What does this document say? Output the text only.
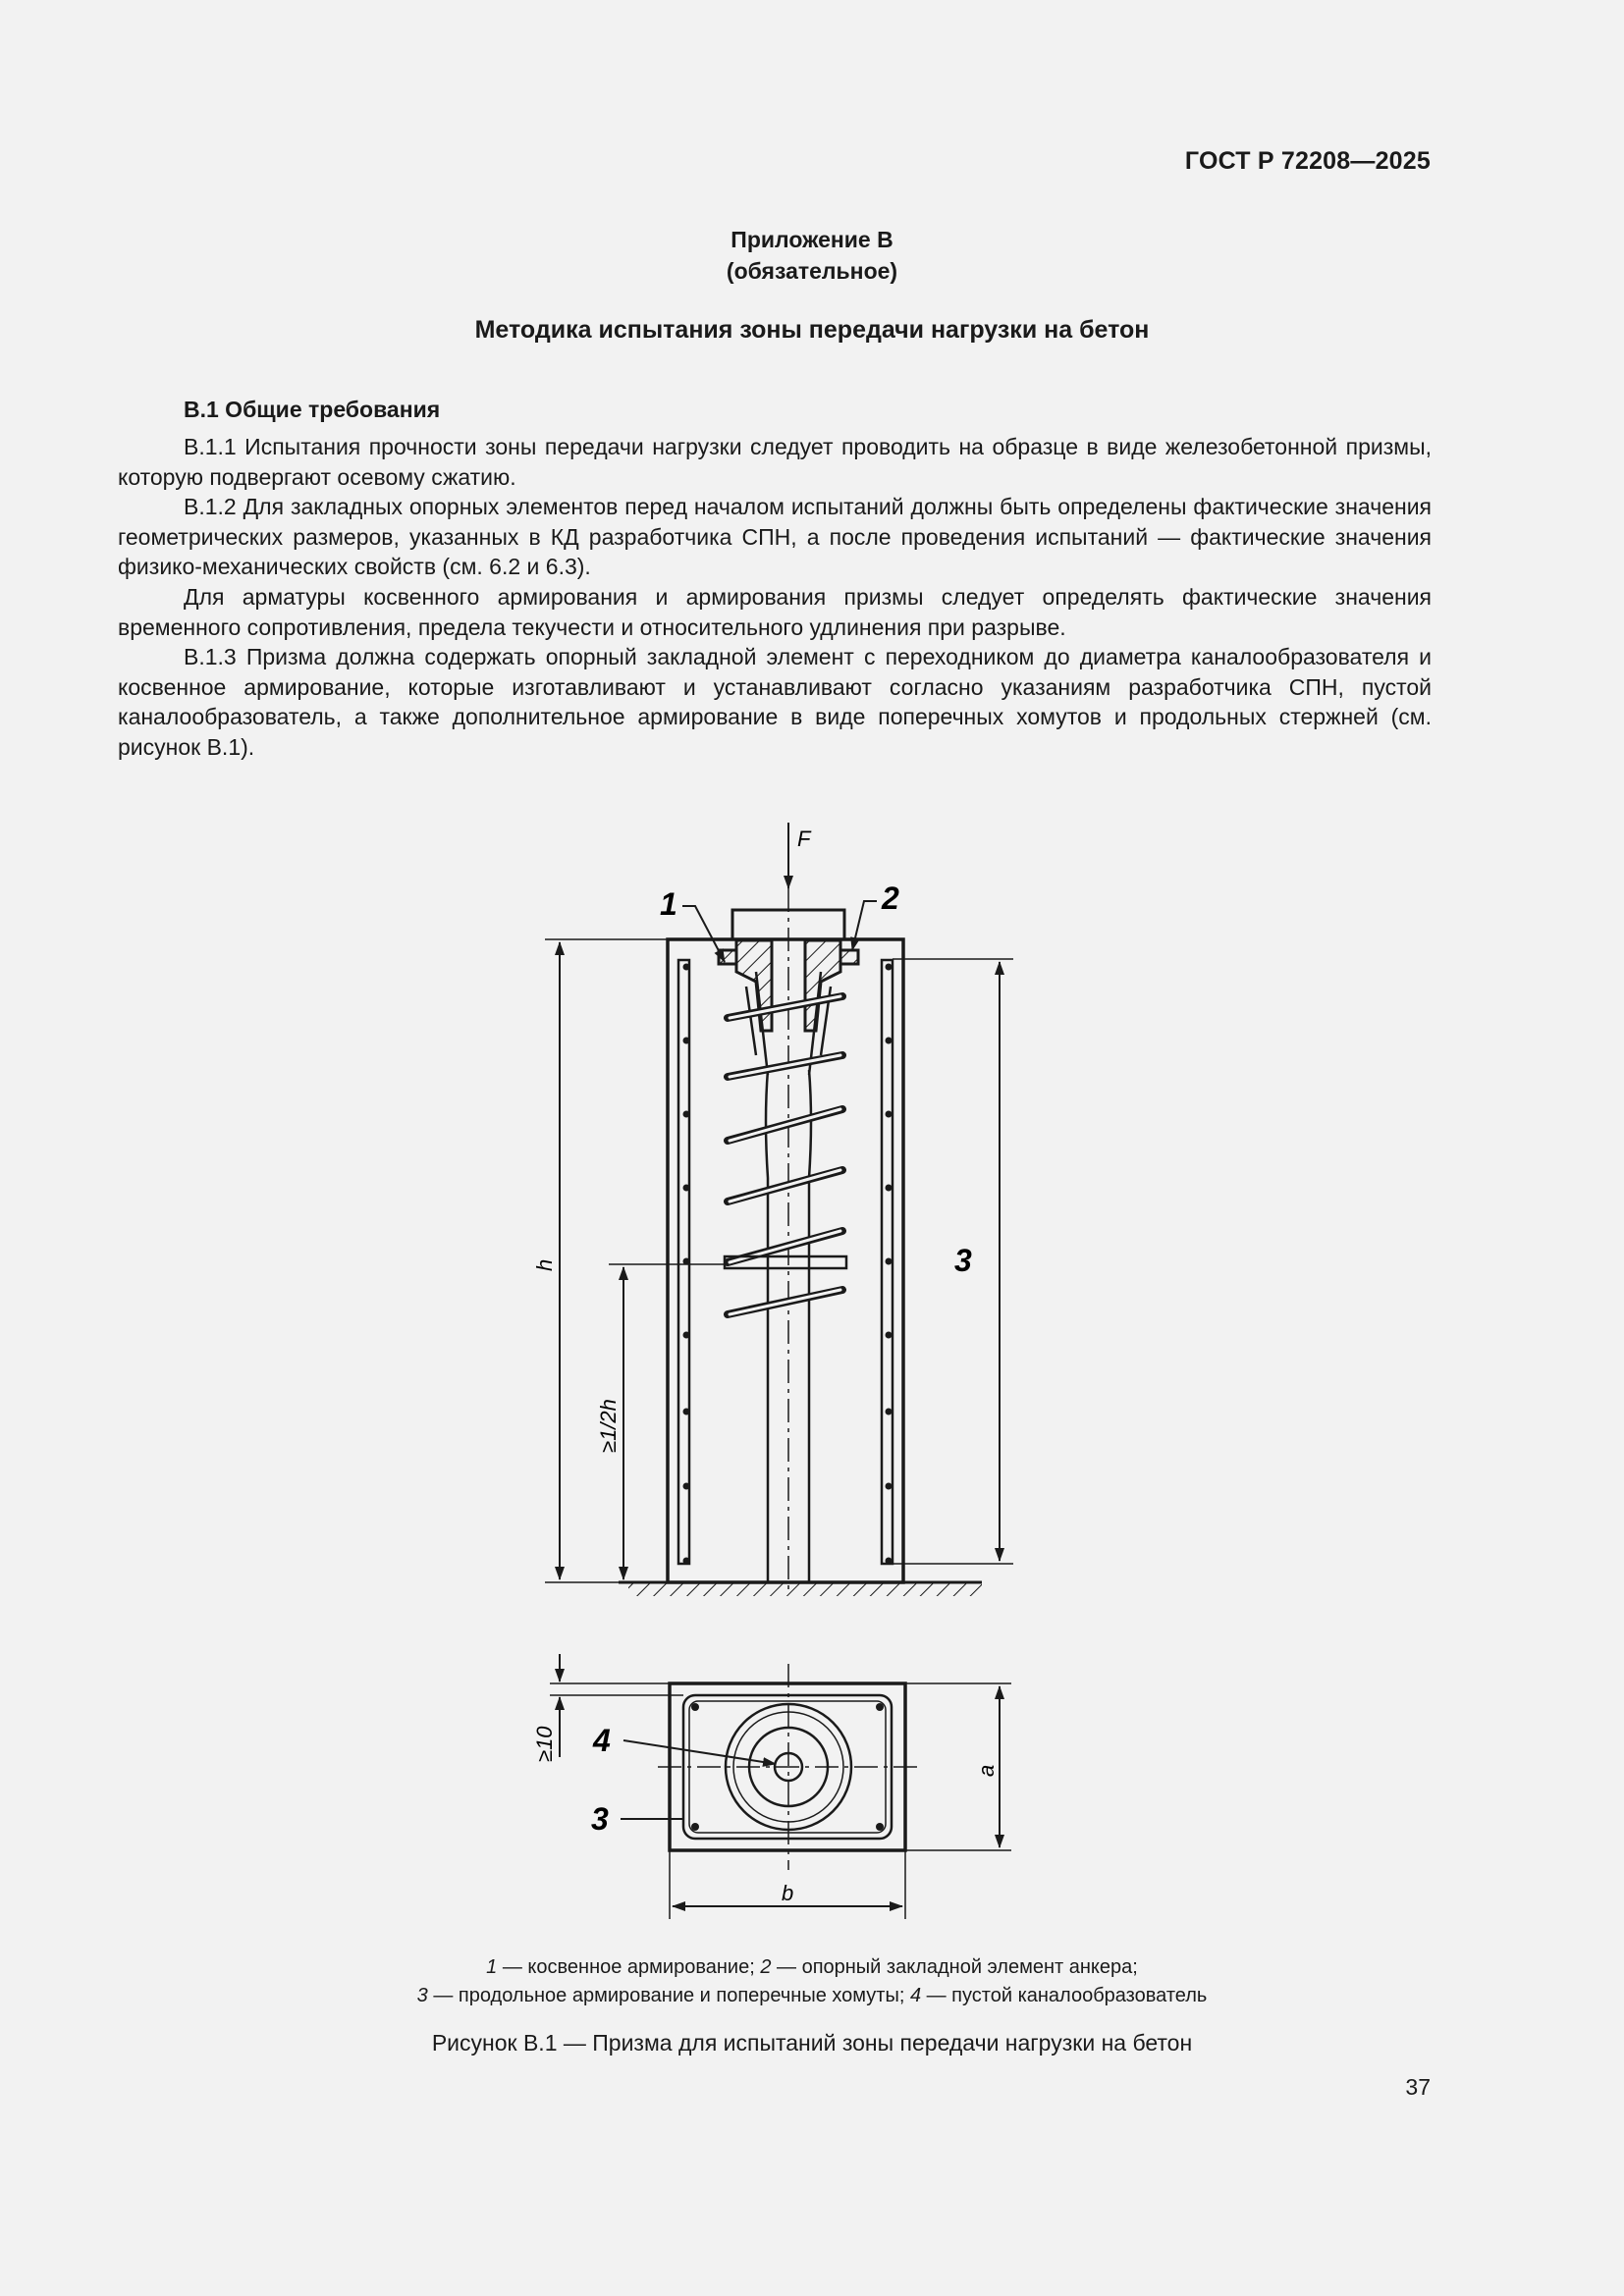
ГОСТ Р 72208—2025
Приложение В
(обязательное)
Методика испытания зоны передачи нагрузки на бетон
В.1 Общие требования

В.1.1 Испытания прочности зоны передачи нагрузки следует проводить на образце в виде железобетонной призмы, которую подвергают осевому сжатию.

В.1.2 Для закладных опорных элементов перед началом испытаний должны быть определены фактические значения геометрических размеров, указанных в КД разработчика СПН, а после проведения испытаний — фактические значения физико-механических свойств (см. 6.2 и 6.3).

Для арматуры косвенного армирования и армирования призмы следует определять фактические значения временного сопротивления, предела текучести и относительного удлинения при разрыве.

В.1.3 Призма должна содержать опорный закладной элемент с переходником до диаметра каналообразователя и косвенное армирование, которые изготавливают и устанавливают согласно указаниям разработчика СПН, пустой каналообразователь, а также дополнительное армирование в виде поперечных хомутов и продольных стержней (см. рисунок В.1).

F
1	2
3
h
≥1/2h
≥10 4
3
a
b
1 — косвенное армирование; 2 — опорный закладной элемент анкера;
3 — продольное армирование и поперечные хомуты; 4 — пустой каналообразователь
Рисунок В.1 — Призма для испытаний зоны передачи нагрузки на бетон
37
